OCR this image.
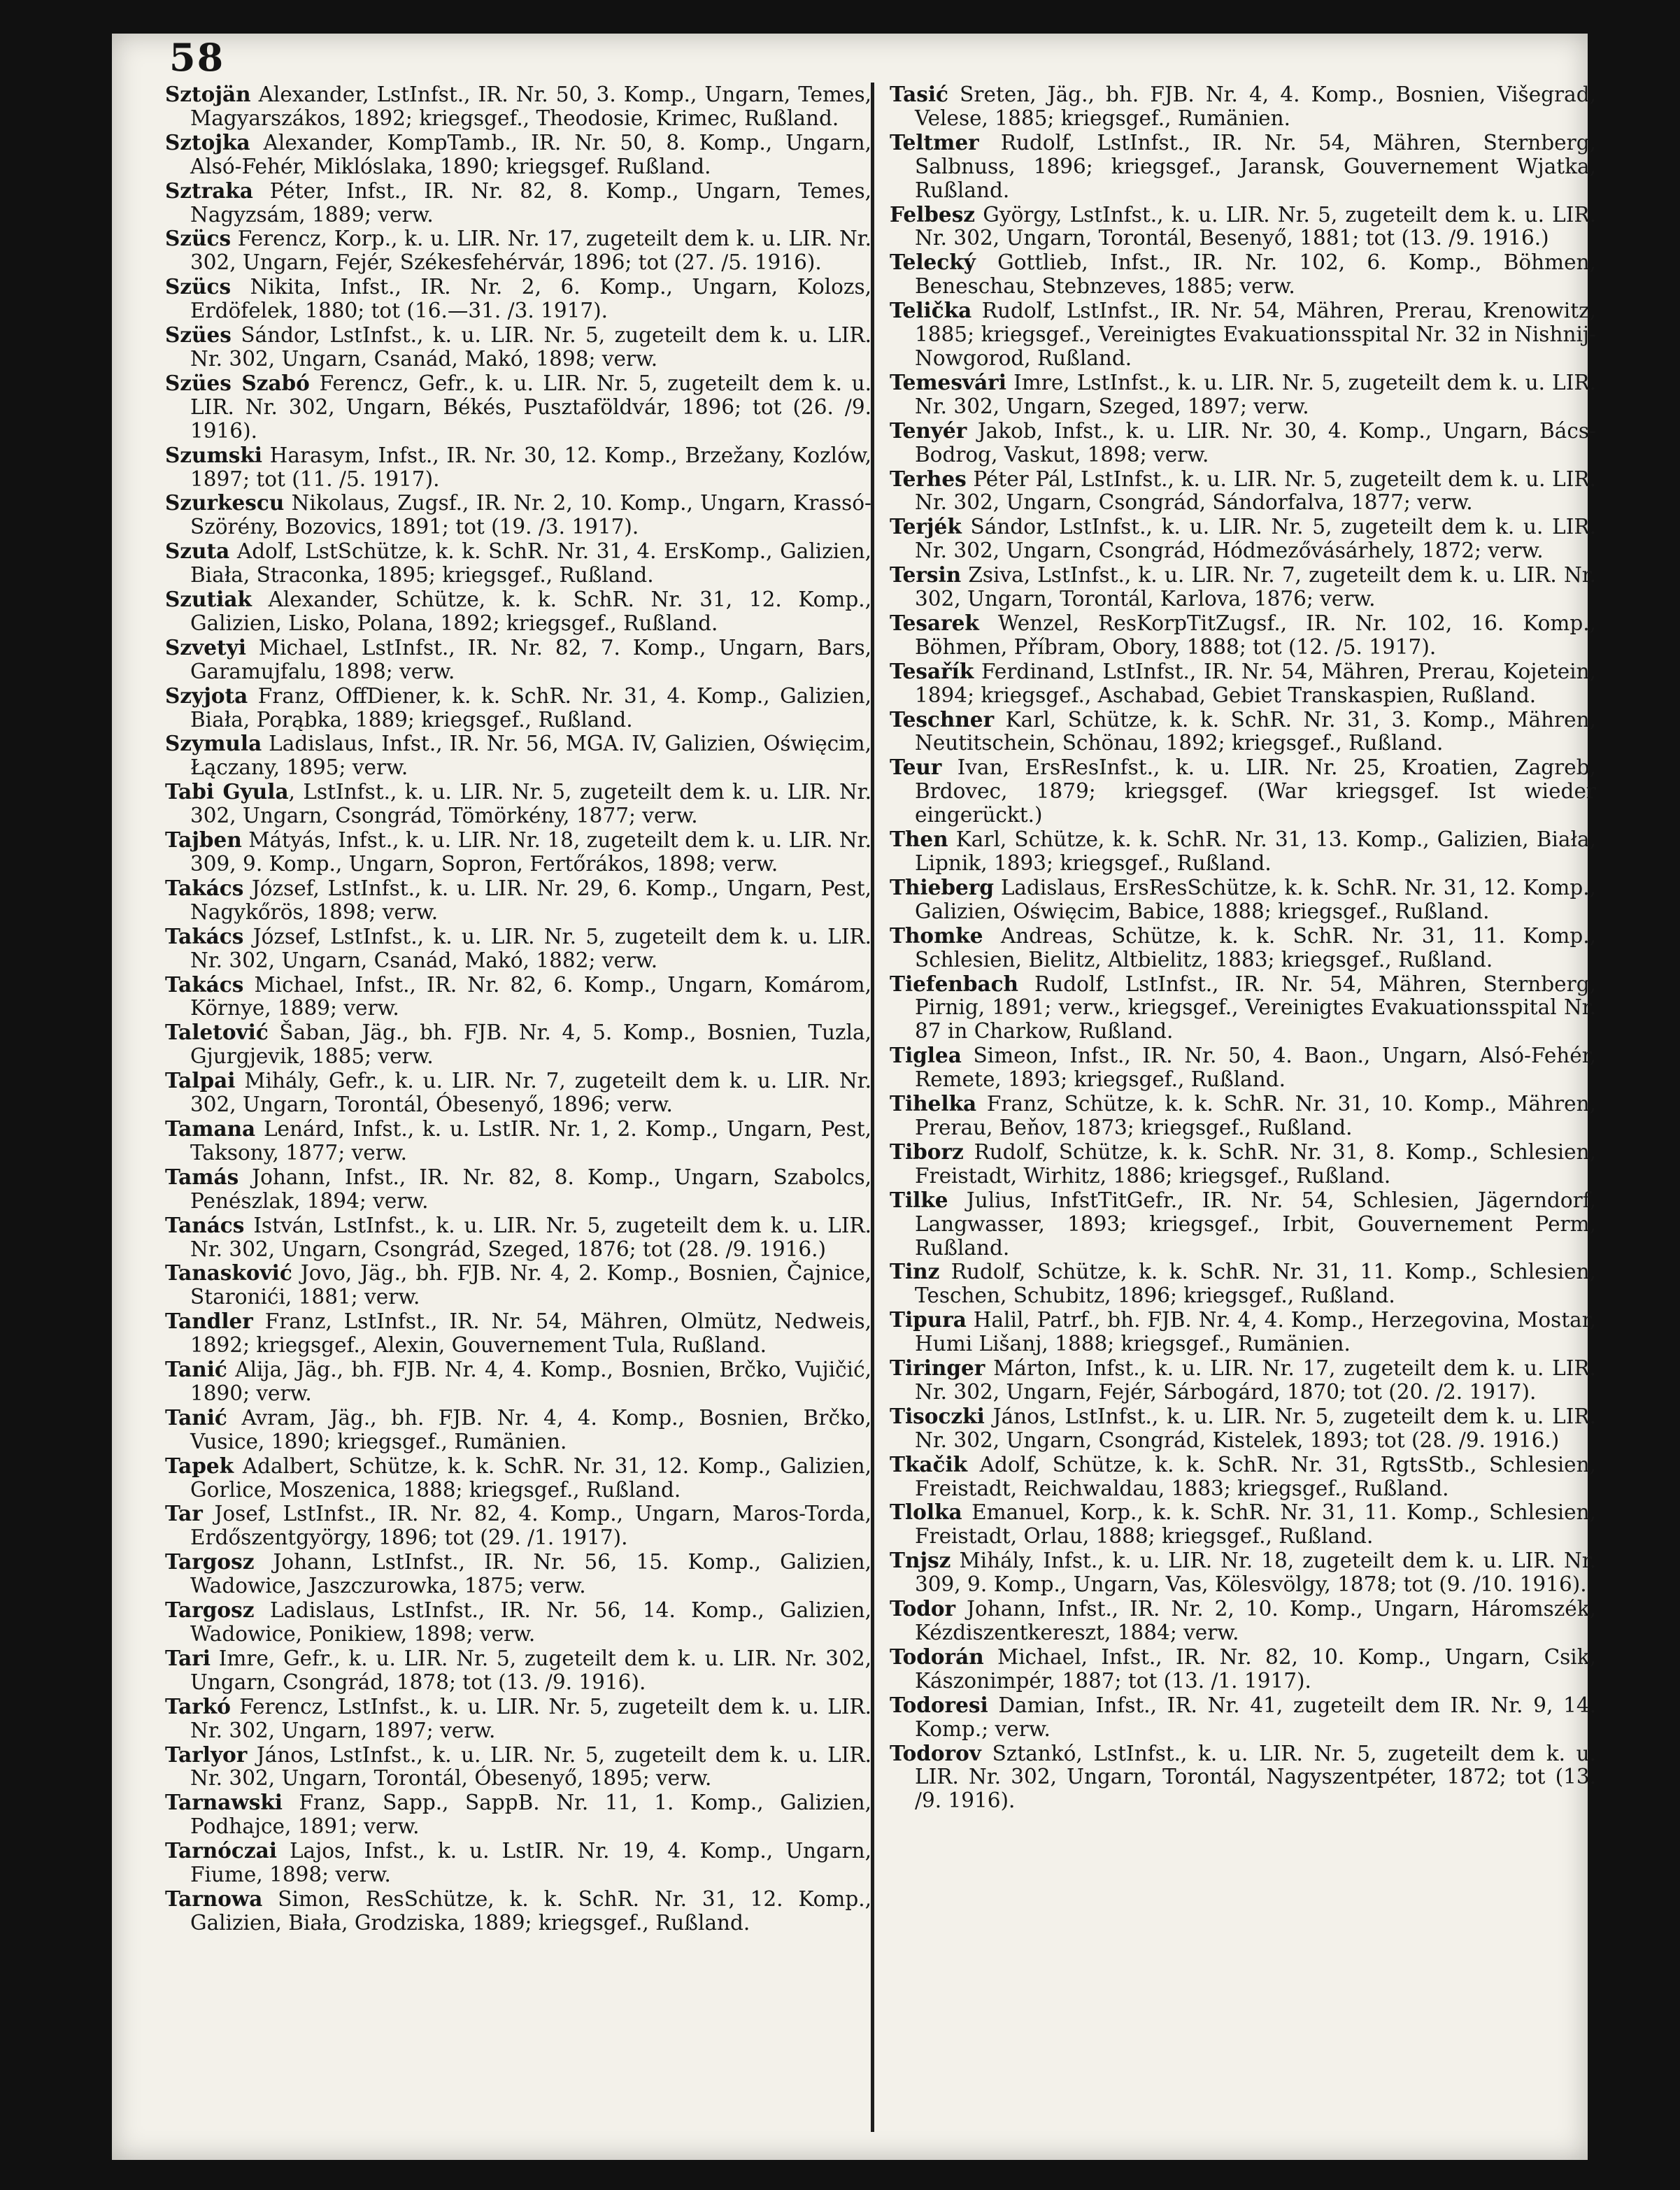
58
Sztojän Alexander, LstInfst., IR. Nr. 50, 3. Komp., Ungarn, Temes, Magyarszákos, 1892; kriegsgef., Theodosie, Krimec, Rußland.
Sztojka Alexander, KompTamb., IR. Nr. 50, 8. Komp., Ungarn, Alsó-Fehér, Miklóslaka, 1890; kriegsgef. Rußland.
Sztraka Péter, Infst., IR. Nr. 82, 8. Komp., Ungarn, Temes, Nagyzsám, 1889; verw.
Szücs Ferencz, Korp., k. u. LIR. Nr. 17, zugeteilt dem k. u. LIR. Nr. 302, Ungarn, Fejér, Székesfehérvár, 1896; tot (27. /5. 1916).
Szücs Nikita, Infst., IR. Nr. 2, 6. Komp., Ungarn, Kolozs, Erdöfelek, 1880; tot (16.—31. /3. 1917).
Szües Sándor, LstInfst., k. u. LIR. Nr. 5, zugeteilt dem k. u. LIR. Nr. 302, Ungarn, Csanád, Makó, 1898; verw.
Szües Szabó Ferencz, Gefr., k. u. LIR. Nr. 5, zugeteilt dem k. u. LIR. Nr. 302, Ungarn, Békés, Pusztaföldvár, 1896; tot (26. /9. 1916).
Szumski Harasym, Infst., IR. Nr. 30, 12. Komp., Brzežany, Kozlów, 1897; tot (11. /5. 1917).
Szurkescu Nikolaus, Zugsf., IR. Nr. 2, 10. Komp., Ungarn, Krassó-Szörény, Bozovics, 1891; tot (19. /3. 1917).
Szuta Adolf, LstSchütze, k. k. SchR. Nr. 31, 4. ErsKomp., Galizien, Biała, Straconka, 1895; kriegsgef., Rußland.
Szutiak Alexander, Schütze, k. k. SchR. Nr. 31, 12. Komp., Galizien, Lisko, Polana, 1892; kriegsgef., Rußland.
Szvetyi Michael, LstInfst., IR. Nr. 82, 7. Komp., Ungarn, Bars, Garamujfalu, 1898; verw.
Szyjota Franz, OffDiener, k. k. SchR. Nr. 31, 4. Komp., Galizien, Biała, Porąbka, 1889; kriegsgef., Rußland.
Szymula Ladislaus, Infst., IR. Nr. 56, MGA. IV, Galizien, Oświęcim, Łączany, 1895; verw.
Tabi Gyula, LstInfst., k. u. LIR. Nr. 5, zugeteilt dem k. u. LIR. Nr. 302, Ungarn, Csongrád, Tömörkény, 1877; verw.
Tajben Mátyás, Infst., k. u. LIR. Nr. 18, zugeteilt dem k. u. LIR. Nr. 309, 9. Komp., Ungarn, Sopron, Fertőrákos, 1898; verw.
Takács József, LstInfst., k. u. LIR. Nr. 29, 6. Komp., Ungarn, Pest, Nagykőrös, 1898; verw.
Takács József, LstInfst., k. u. LIR. Nr. 5, zugeteilt dem k. u. LIR. Nr. 302, Ungarn, Csanád, Makó, 1882; verw.
Takács Michael, Infst., IR. Nr. 82, 6. Komp., Ungarn, Komárom, Környe, 1889; verw.
Taletović Šaban, Jäg., bh. FJB. Nr. 4, 5. Komp., Bosnien, Tuzla, Gjurgjevik, 1885; verw.
Talpai Mihály, Gefr., k. u. LIR. Nr. 7, zugeteilt dem k. u. LIR. Nr. 302, Ungarn, Torontál, Óbesenyő, 1896; verw.
Tamana Lenárd, Infst., k. u. LstIR. Nr. 1, 2. Komp., Ungarn, Pest, Taksony, 1877; verw.
Tamás Johann, Infst., IR. Nr. 82, 8. Komp., Ungarn, Szabolcs, Penészlak, 1894; verw.
Tanács István, LstInfst., k. u. LIR. Nr. 5, zugeteilt dem k. u. LIR. Nr. 302, Ungarn, Csongrád, Szeged, 1876; tot (28. /9. 1916.)
Tanasković Jovo, Jäg., bh. FJB. Nr. 4, 2. Komp., Bosnien, Čajnice, Staronići, 1881; verw.
Tandler Franz, LstInfst., IR. Nr. 54, Mähren, Olmütz, Nedweis, 1892; kriegsgef., Alexin, Gouvernement Tula, Rußland.
Tanić Alija, Jäg., bh. FJB. Nr. 4, 4. Komp., Bosnien, Brčko, Vujičić, 1890; verw.
Tanić Avram, Jäg., bh. FJB. Nr. 4, 4. Komp., Bosnien, Brčko, Vusice, 1890; kriegsgef., Rumänien.
Tapek Adalbert, Schütze, k. k. SchR. Nr. 31, 12. Komp., Galizien, Gorlice, Moszenica, 1888; kriegsgef., Rußland.
Tar Josef, LstInfst., IR. Nr. 82, 4. Komp., Ungarn, Maros-Torda, Erdőszentgyörgy, 1896; tot (29. /1. 1917).
Targosz Johann, LstInfst., IR. Nr. 56, 15. Komp., Galizien, Wadowice, Jaszczurowka, 1875; verw.
Targosz Ladislaus, LstInfst., IR. Nr. 56, 14. Komp., Galizien, Wadowice, Ponikiew, 1898; verw.
Tari Imre, Gefr., k. u. LIR. Nr. 5, zugeteilt dem k. u. LIR. Nr. 302, Ungarn, Csongrád, 1878; tot (13. /9. 1916).
Tarkó Ferencz, LstInfst., k. u. LIR. Nr. 5, zugeteilt dem k. u. LIR. Nr. 302, Ungarn, 1897; verw.
Tarlyor János, LstInfst., k. u. LIR. Nr. 5, zugeteilt dem k. u. LIR. Nr. 302, Ungarn, Torontál, Óbesenyő, 1895; verw.
Tarnawski Franz, Sapp., SappB. Nr. 11, 1. Komp., Galizien, Podhajce, 1891; verw.
Tarnóczai Lajos, Infst., k. u. LstIR. Nr. 19, 4. Komp., Ungarn, Fiume, 1898; verw.
Tarnowa Simon, ResSchütze, k. k. SchR. Nr. 31, 12. Komp., Galizien, Biała, Grodziska, 1889; kriegsgef., Rußland.
Tasić Sreten, Jäg., bh. FJB. Nr. 4, 4. Komp., Bosnien, Višegrad, Velese, 1885; kriegsgef., Rumänien.
Teltmer Rudolf, LstInfst., IR. Nr. 54, Mähren, Sternberg, Salbnuss, 1896; kriegsgef., Jaransk, Gouvernement Wjatka, Rußland.
Felbesz György, LstInfst., k. u. LIR. Nr. 5, zugeteilt dem k. u. LIR. Nr. 302, Ungarn, Torontál, Besenyő, 1881; tot (13. /9. 1916.)
Telecký Gottlieb, Infst., IR. Nr. 102, 6. Komp., Böhmen, Beneschau, Stebnzeves, 1885; verw.
Telička Rudolf, LstInfst., IR. Nr. 54, Mähren, Prerau, Krenowitz, 1885; kriegsgef., Vereinigtes Evakuationsspital Nr. 32 in Nishnij-Nowgorod, Rußland.
Temesvári Imre, LstInfst., k. u. LIR. Nr. 5, zugeteilt dem k. u. LIR. Nr. 302, Ungarn, Szeged, 1897; verw.
Tenyér Jakob, Infst., k. u. LIR. Nr. 30, 4. Komp., Ungarn, Bács-Bodrog, Vaskut, 1898; verw.
Terhes Péter Pál, LstInfst., k. u. LIR. Nr. 5, zugeteilt dem k. u. LIR. Nr. 302, Ungarn, Csongrád, Sándorfalva, 1877; verw.
Terjék Sándor, LstInfst., k. u. LIR. Nr. 5, zugeteilt dem k. u. LIR. Nr. 302, Ungarn, Csongrád, Hódmezővásárhely, 1872; verw.
Tersin Zsiva, LstInfst., k. u. LIR. Nr. 7, zugeteilt dem k. u. LIR. Nr. 302, Ungarn, Torontál, Karlova, 1876; verw.
Tesarek Wenzel, ResKorpTitZugsf., IR. Nr. 102, 16. Komp., Böhmen, Příbram, Obory, 1888; tot (12. /5. 1917).
Tesařík Ferdinand, LstInfst., IR. Nr. 54, Mähren, Prerau, Kojetein, 1894; kriegsgef., Aschabad, Gebiet Transkaspien, Rußland.
Teschner Karl, Schütze, k. k. SchR. Nr. 31, 3. Komp., Mähren, Neutitschein, Schönau, 1892; kriegsgef., Rußland.
Teur Ivan, ErsResInfst., k. u. LIR. Nr. 25, Kroatien, Zagreb, Brdovec, 1879; kriegsgef. (War kriegsgef. Ist wieder eingerückt.)
Then Karl, Schütze, k. k. SchR. Nr. 31, 13. Komp., Galizien, Biała, Lipnik, 1893; kriegsgef., Rußland.
Thieberg Ladislaus, ErsResSchütze, k. k. SchR. Nr. 31, 12. Komp., Galizien, Oświęcim, Babice, 1888; kriegsgef., Rußland.
Thomke Andreas, Schütze, k. k. SchR. Nr. 31, 11. Komp., Schlesien, Bielitz, Altbielitz, 1883; kriegsgef., Rußland.
Tiefenbach Rudolf, LstInfst., IR. Nr. 54, Mähren, Sternberg, Pirnig, 1891; verw., kriegsgef., Vereinigtes Evakuationsspital Nr. 87 in Charkow, Rußland.
Tiglea Simeon, Infst., IR. Nr. 50, 4. Baon., Ungarn, Alsó-Fehér, Remete, 1893; kriegsgef., Rußland.
Tihelka Franz, Schütze, k. k. SchR. Nr. 31, 10. Komp., Mähren, Prerau, Beňov, 1873; kriegsgef., Rußland.
Tiborz Rudolf, Schütze, k. k. SchR. Nr. 31, 8. Komp., Schlesien, Freistadt, Wirhitz, 1886; kriegsgef., Rußland.
Tilke Julius, InfstTitGefr., IR. Nr. 54, Schlesien, Jägerndorf, Langwasser, 1893; kriegsgef., Irbit, Gouvernement Perm, Rußland.
Tinz Rudolf, Schütze, k. k. SchR. Nr. 31, 11. Komp., Schlesien, Teschen, Schubitz, 1896; kriegsgef., Rußland.
Tipura Halil, Patrf., bh. FJB. Nr. 4, 4. Komp., Herzegovina, Mostar, Humi Lišanj, 1888; kriegsgef., Rumänien.
Tiringer Márton, Infst., k. u. LIR. Nr. 17, zugeteilt dem k. u. LIR. Nr. 302, Ungarn, Fejér, Sárbogárd, 1870; tot (20. /2. 1917).
Tisoczki János, LstInfst., k. u. LIR. Nr. 5, zugeteilt dem k. u. LIR. Nr. 302, Ungarn, Csongrád, Kistelek, 1893; tot (28. /9. 1916.)
Tkačik Adolf, Schütze, k. k. SchR. Nr. 31, RgtsStb., Schlesien, Freistadt, Reichwaldau, 1883; kriegsgef., Rußland.
Tlolka Emanuel, Korp., k. k. SchR. Nr. 31, 11. Komp., Schlesien, Freistadt, Orlau, 1888; kriegsgef., Rußland.
Tnjsz Mihály, Infst., k. u. LIR. Nr. 18, zugeteilt dem k. u. LIR. Nr. 309, 9. Komp., Ungarn, Vas, Kölesvölgy, 1878; tot (9. /10. 1916).
Todor Johann, Infst., IR. Nr. 2, 10. Komp., Ungarn, Háromszék, Kézdiszentkereszt, 1884; verw.
Todorán Michael, Infst., IR. Nr. 82, 10. Komp., Ungarn, Csik, Kászonimpér, 1887; tot (13. /1. 1917).
Todoresi Damian, Infst., IR. Nr. 41, zugeteilt dem IR. Nr. 9, 14. Komp.; verw.
Todorov Sztankó, LstInfst., k. u. LIR. Nr. 5, zugeteilt dem k. u. LIR. Nr. 302, Ungarn, Torontál, Nagyszentpéter, 1872; tot (13. /9. 1916).
